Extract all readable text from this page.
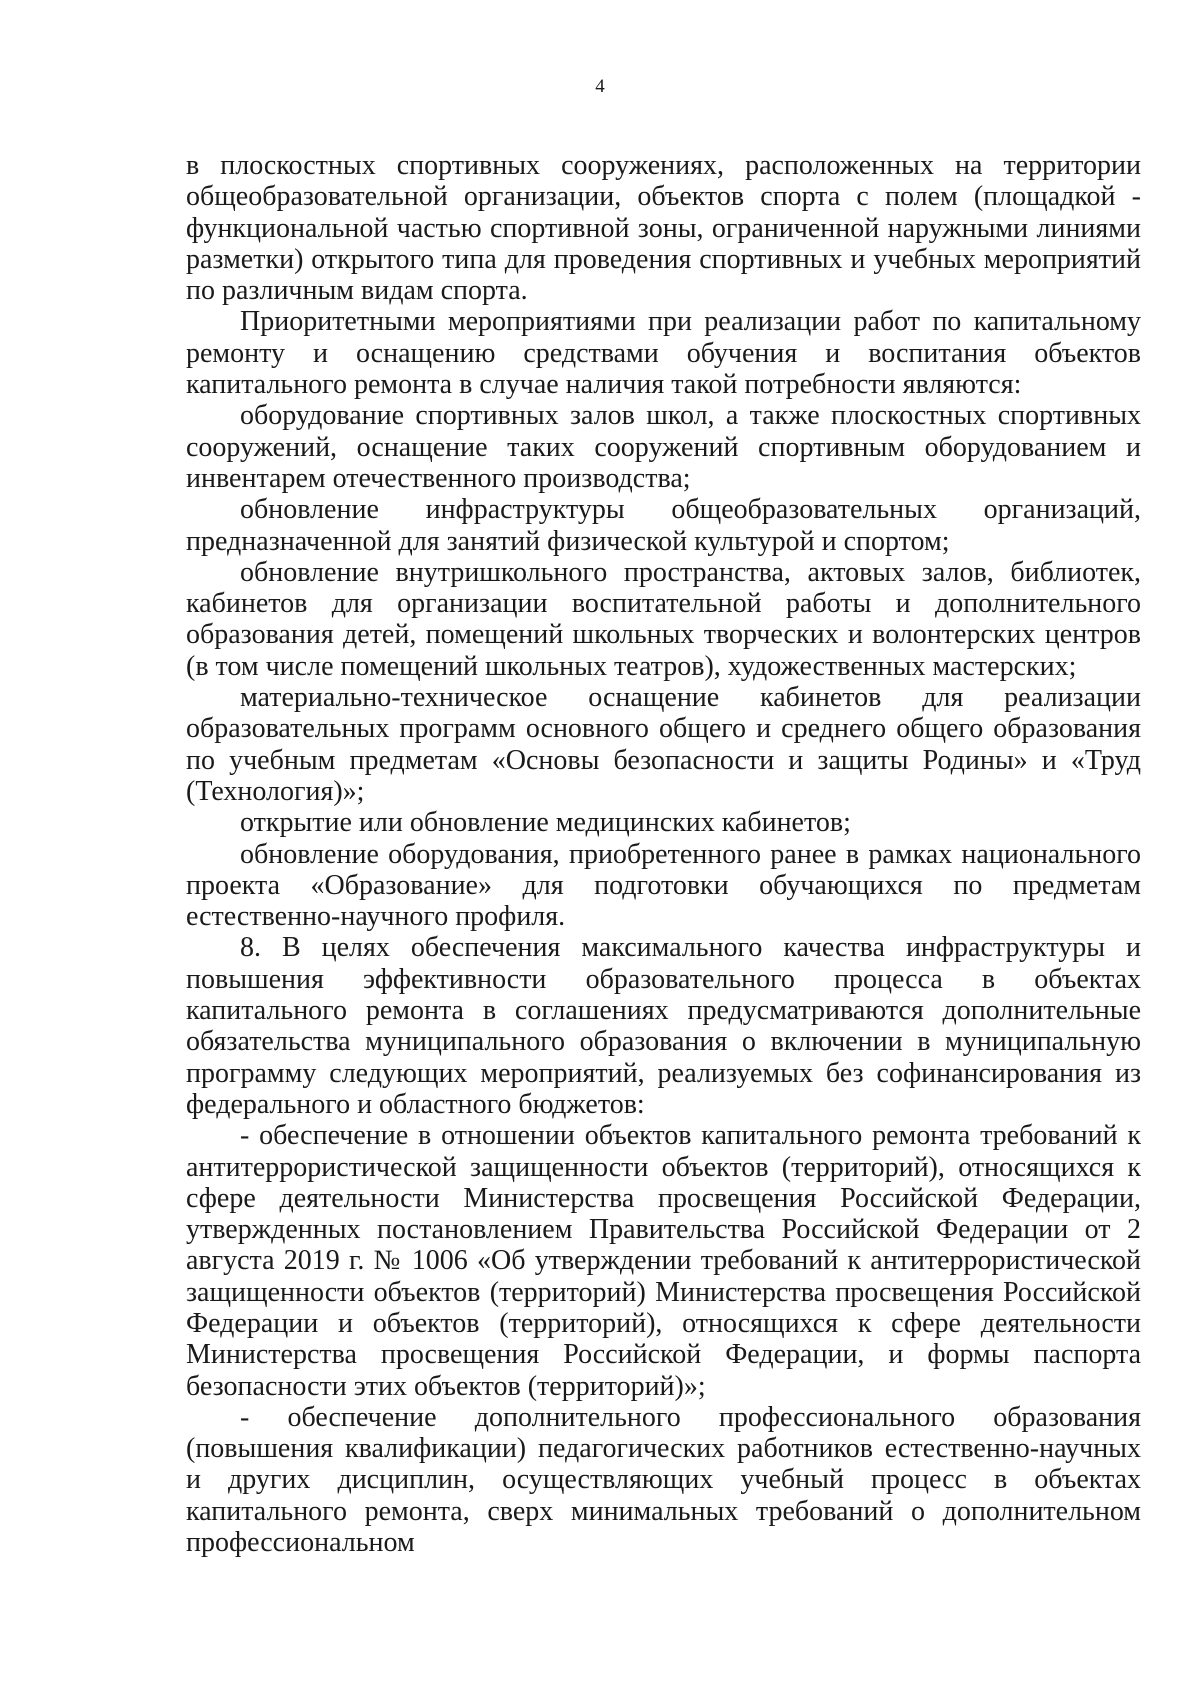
4

в плоскостных спортивных сооружениях, расположенных на территории общеобразовательной организации, объектов спорта с полем (площадкой - функциональной частью спортивной зоны, ограниченной наружными линиями разметки) открытого типа для проведения спортивных и учебных мероприятий по различным видам спорта.

Приоритетными мероприятиями при реализации работ по капитальному ремонту и оснащению средствами обучения и воспитания объектов капитального ремонта в случае наличия такой потребности являются:

оборудование спортивных залов школ, а также плоскостных спортивных сооружений, оснащение таких сооружений спортивным оборудованием и инвентарем отечественного производства;

обновление инфраструктуры общеобразовательных организаций, предназначенной для занятий физической культурой и спортом;

обновление внутришкольного пространства, актовых залов, библиотек, кабинетов для организации воспитательной работы и дополнительного образования детей, помещений школьных творческих и волонтерских центров (в том числе помещений школьных театров), художественных мастерских;

материально-техническое оснащение кабинетов для реализации образовательных программ основного общего и среднего общего образования по учебным предметам «Основы безопасности и защиты Родины» и «Труд (Технология)»;

открытие или обновление медицинских кабинетов;

обновление оборудования, приобретенного ранее в рамках национального проекта «Образование» для подготовки обучающихся по предметам естественно-научного профиля.

8. В целях обеспечения максимального качества инфраструктуры и повышения эффективности образовательного процесса в объектах капитального ремонта в соглашениях предусматриваются дополнительные обязательства муниципального образования о включении в муниципальную программу следующих мероприятий, реализуемых без софинансирования из федерального и областного бюджетов:

- обеспечение в отношении объектов капитального ремонта требований к антитеррористической защищенности объектов (территорий), относящихся к сфере деятельности Министерства просвещения Российской Федерации, утвержденных постановлением Правительства Российской Федерации от 2 августа 2019 г. № 1006 «Об утверждении требований к антитеррористической защищенности объектов (территорий) Министерства просвещения Российской Федерации и объектов (территорий), относящихся к сфере деятельности Министерства просвещения Российской Федерации, и формы паспорта безопасности этих объектов (территорий)»;

- обеспечение дополнительного профессионального образования (повышения квалификации) педагогических работников естественно-научных и других дисциплин, осуществляющих учебный процесс в объектах капитального ремонта, сверх минимальных требований о дополнительном профессиональном
